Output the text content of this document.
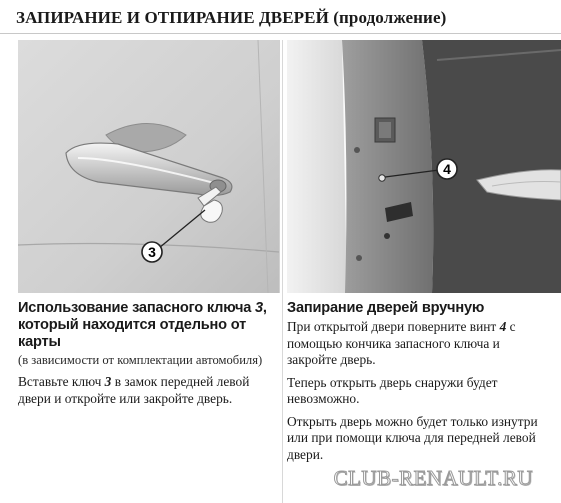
ЗАПИРАНИЕ И ОТПИРАНИЕ ДВЕРЕЙ (продолжение)
3
4

Использование запасного ключа 3, который находится отдельно от карты

(в зависимости от комплектации автомобиля)

Вставьте ключ 3 в замок передней левой двери и откройте или закройте дверь.

Запирание дверей вручную

При открытой двери поверните винт 4 с помощью кончика запасного ключа и закройте дверь.

Теперь открыть дверь снаружи будет невозможно.

Открыть дверь можно будет только изнутри или при помощи ключа для передней левой двери.

CLUB-RENAULT.RU
